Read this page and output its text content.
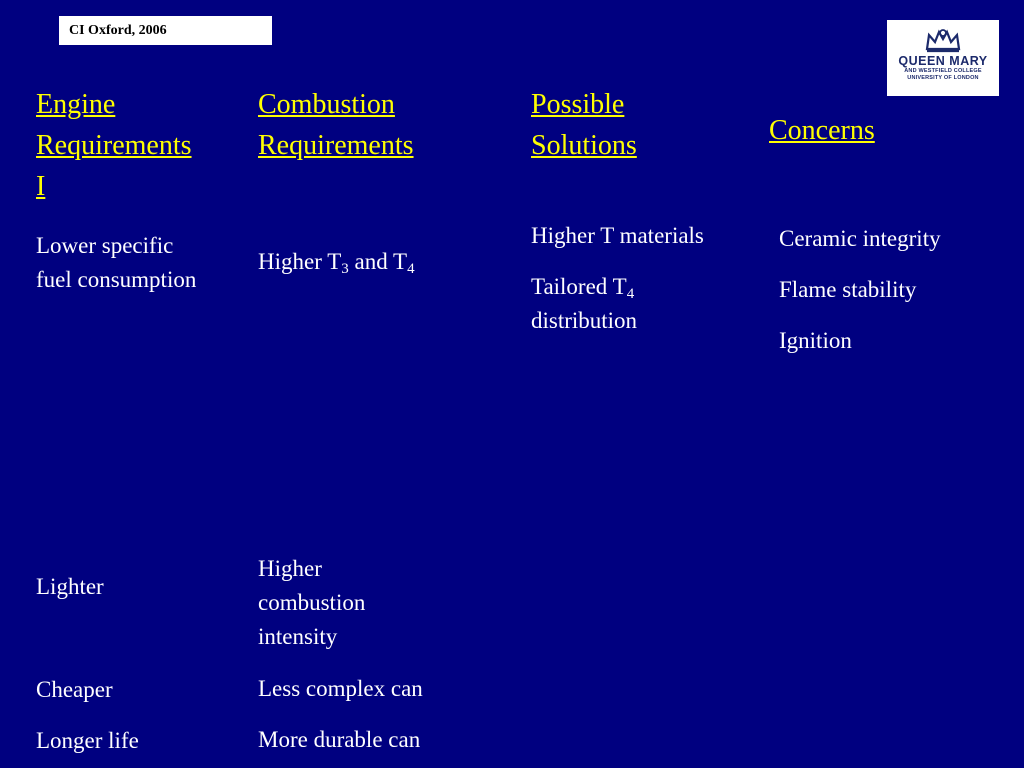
CI Oxford, 2006
QUEEN MARY
AND WESTFIELD COLLEGE
UNIVERSITY OF LONDON
Engine
Requirements
I
Combustion
Requirements
Possible
Solutions	Concerns
Lower specific
fuel consumption
Lighter
Cheaper
Longer life
Higher $T_3$ and $T_4$
Higher
combustion
intensity
Less complex can
More durable can
Higher T materials
Tailored $T_4$
distribution
Ceramic integrity
Flame stability
Ignition
